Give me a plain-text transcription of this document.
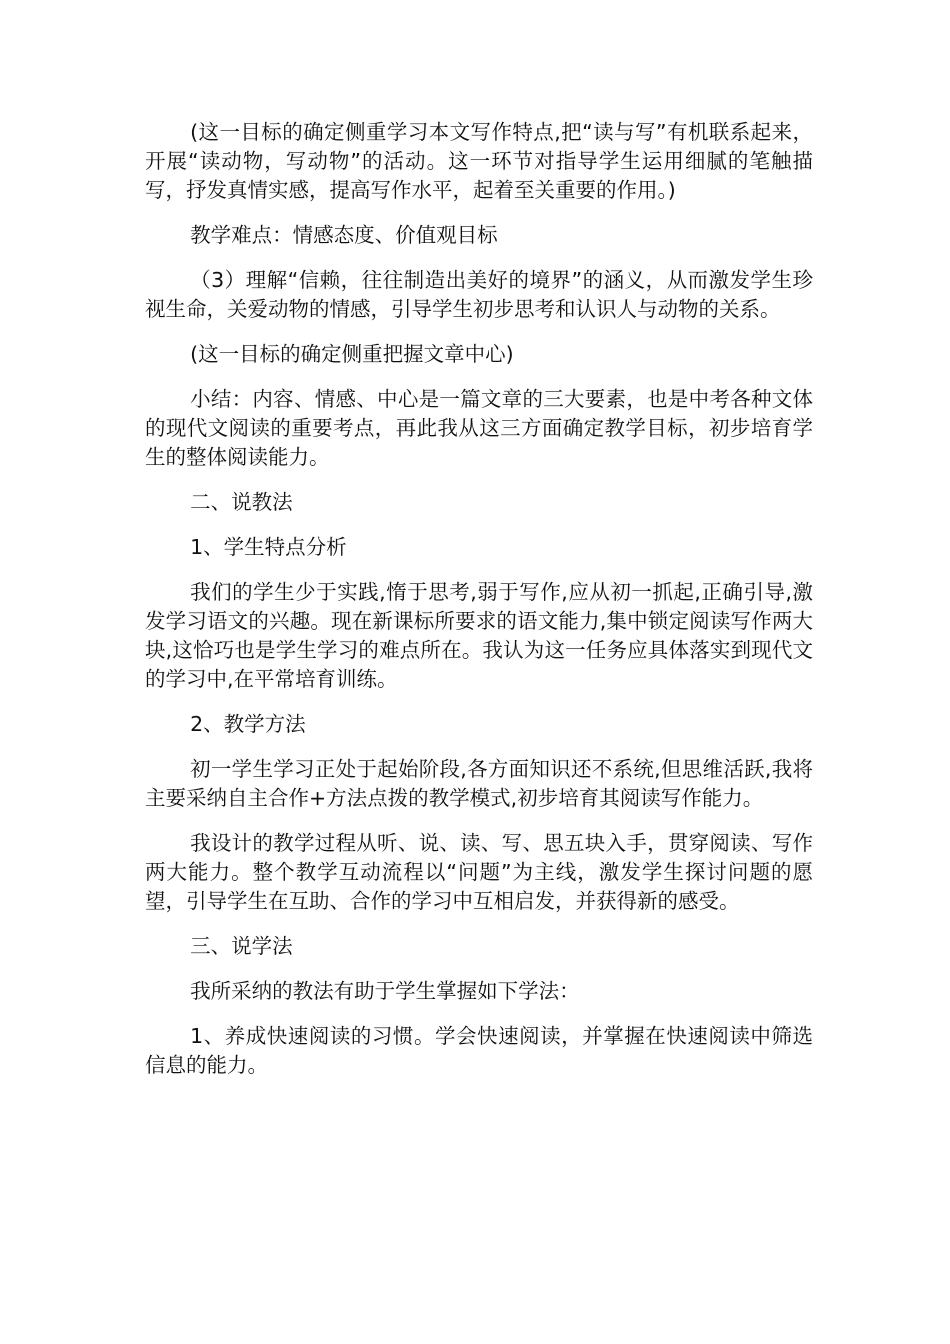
(这一目标的确定侧重学习本文写作特点,把“读与写”有机联系起来，开展“读动物，写动物”的活动。这一环节对指导学生运用细腻的笔触描写，抒发真情实感，提高写作水平，起着至关重要的作用。)

教学难点：情感态度、价值观目标

（3）理解“信赖，往往制造出美好的境界”的涵义，从而激发学生珍视生命，关爱动物的情感，引导学生初步思考和认识人与动物的关系。

(这一目标的确定侧重把握文章中心)

小结：内容、情感、中心是一篇文章的三大要素，也是中考各种文体的现代文阅读的重要考点，再此我从这三方面确定教学目标，初步培育学生的整体阅读能力。

二、说教法

1、学生特点分析

我们的学生少于实践,惰于思考,弱于写作,应从初一抓起,正确引导,激发学习语文的兴趣。现在新课标所要求的语文能力,集中锁定阅读写作两大块,这恰巧也是学生学习的难点所在。我认为这一任务应具体落实到现代文的学习中,在平常培育训练。

2、教学方法

初一学生学习正处于起始阶段,各方面知识还不系统,但思维活跃,我将主要采纳自主合作+方法点拨的教学模式,初步培育其阅读写作能力。

我设计的教学过程从听、说、读、写、思五块入手，贯穿阅读、写作两大能力。整个教学互动流程以“问题”为主线，激发学生探讨问题的愿望，引导学生在互助、合作的学习中互相启发，并获得新的感受。

三、说学法

我所采纳的教法有助于学生掌握如下学法：

1、养成快速阅读的习惯。学会快速阅读，并掌握在快速阅读中筛选信息的能力。
